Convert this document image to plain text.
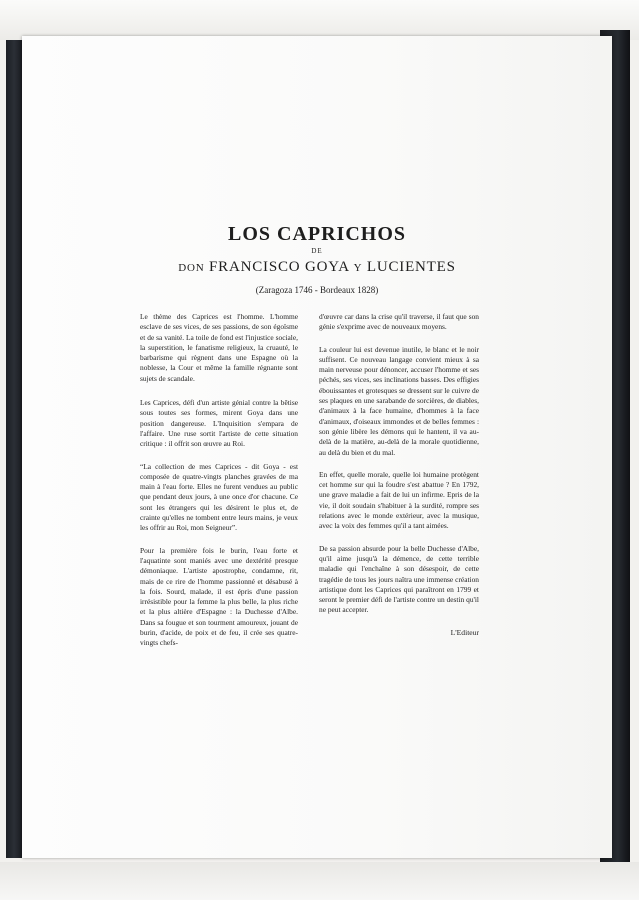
LOS CAPRICHOS
DE
DON FRANCISCO GOYA Y LUCIENTES
(Zaragoza 1746 - Bordeaux 1828)

Le thème des Caprices est l'homme. L'homme esclave de ses vices, de ses passions, de son égoïsme et de sa vanité. La toile de fond est l'injustice sociale, la superstition, le fanatisme religieux, la cruauté, le barbarisme qui règnent dans une Espagne où la noblesse, la Cour et même la famille régnante sont sujets de scandale.

Les Caprices, défi d'un artiste génial contre la bêtise sous toutes ses formes, mirent Goya dans une position dangereuse. L'Inquisition s'empara de l'affaire. Une ruse sortit l'artiste de cette situation critique : il offrit son œuvre au Roi.

“La collection de mes Caprices - dit Goya - est composée de quatre-vingts planches gravées de ma main à l'eau forte. Elles ne furent vendues au public que pendant deux jours, à une once d'or chacune. Ce sont les étrangers qui les désirent le plus et, de crainte qu'elles ne tombent entre leurs mains, je veux les offrir au Roi, mon Seigneur”.

Pour la première fois le burin, l'eau forte et l'aquatinte sont maniés avec une dextérité presque démoniaque. L'artiste apostrophe, condamne, rit, mais de ce rire de l'homme passionné et désabusé à la fois. Sourd, malade, il est épris d'une passion irrésistible pour la femme la plus belle, la plus riche et la plus altière d'Espagne : la Duchesse d'Albe. Dans sa fougue et son tourment amoureux, jouant de burin, d'acide, de poix et de feu, il crée ses quatre-vingts chefs-

d'œuvre car dans la crise qu'il traverse, il faut que son génie s'exprime avec de nouveaux moyens.

La couleur lui est devenue inutile, le blanc et le noir suffisent. Ce nouveau langage convient mieux à sa main nerveuse pour dénoncer, accuser l'homme et ses péchés, ses vices, ses inclinations basses. Des effigies ébouissantes et grotesques se dressent sur le cuivre de ses plaques en une sarabande de sorcières, de diables, d'animaux à la face humaine, d'hommes à la face d'animaux, d'oiseaux immondes et de belles femmes : son génie libère les démons qui le hantent, il va au-delà de la matière, au-delà de la morale quotidienne, au delà du bien et du mal.

En effet, quelle morale, quelle loi humaine protègent cet homme sur qui la foudre s'est abattue ? En 1792, une grave maladie a fait de lui un infirme. Epris de la vie, il doit soudain s'habituer à la surdité, rompre ses relations avec le monde extérieur, avec la musique, avec la voix des femmes qu'il a tant aimées.

De sa passion absurde pour la belle Duchesse d'Albe, qu'il aime jusqu'à la démence, de cette terrible maladie qui l'enchaîne à son désespoir, de cette tragédie de tous les jours naîtra une immense création artistique dont les Caprices qui paraîtront en 1799 et seront le premier défi de l'artiste contre un destin qu'il ne peut accepter.

L'Editeur
